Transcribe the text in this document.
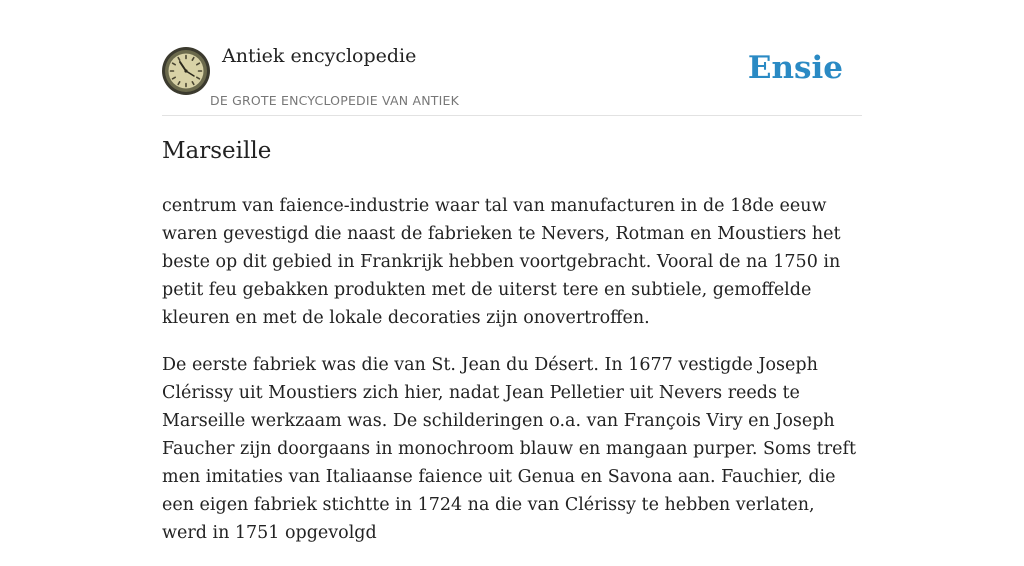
Antiek encyclopedie
DE GROTE ENCYCLOPEDIE VAN ANTIEK
Ensie
Marseille

centrum van faience-industrie waar tal van manufacturen in de 18de eeuw waren gevestigd die naast de fabrieken te Nevers, Rotman en Moustiers het beste op dit gebied in Frankrijk hebben voortgebracht. Vooral de na 1750 in petit feu gebakken produkten met de uiterst tere en subtiele, gemoffelde kleuren en met de lokale decoraties zijn onovertroffen.

De eerste fabriek was die van St. Jean du Désert. In 1677 vestigde Joseph Clérissy uit Moustiers zich hier, nadat Jean Pelletier uit Nevers reeds te Marseille werkzaam was. De schilderingen o.a. van François Viry en Joseph Faucher zijn doorgaans in monochroom blauw en mangaan purper. Soms treft men imitaties van Italiaanse faience uit Genua en Savona aan. Fauchier, die een eigen fabriek stichtte in 1724 na die van Clérissy te hebben verlaten, werd in 1751 opgevolgd
